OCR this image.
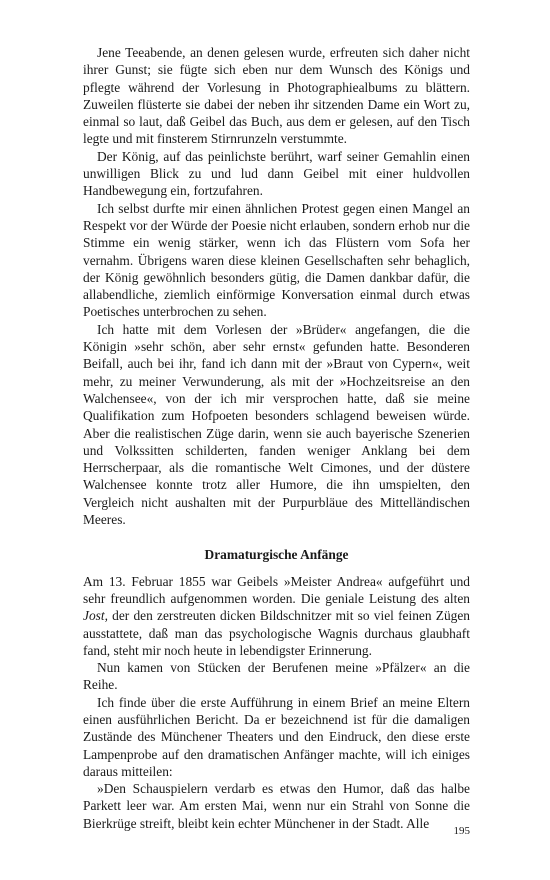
Jene Teeabende, an denen gelesen wurde, erfreuten sich daher nicht ihrer Gunst; sie fügte sich eben nur dem Wunsch des Königs und pflegte während der Vorlesung in Photographiealbums zu blättern. Zuweilen flüsterte sie dabei der neben ihr sitzenden Dame ein Wort zu, einmal so laut, daß Geibel das Buch, aus dem er gelesen, auf den Tisch legte und mit finsterem Stirnrunzeln verstummte.

Der König, auf das peinlichste berührt, warf seiner Gemahlin einen unwilligen Blick zu und lud dann Geibel mit einer huldvollen Handbewegung ein, fortzufahren.

Ich selbst durfte mir einen ähnlichen Protest gegen einen Mangel an Respekt vor der Würde der Poesie nicht erlauben, sondern erhob nur die Stimme ein wenig stärker, wenn ich das Flüstern vom Sofa her vernahm. Übrigens waren diese kleinen Gesellschaften sehr behaglich, der König gewöhnlich besonders gütig, die Damen dankbar dafür, die allabendliche, ziemlich einförmige Konversation einmal durch etwas Poetisches unterbrochen zu sehen.

Ich hatte mit dem Vorlesen der »Brüder« angefangen, die die Königin »sehr schön, aber sehr ernst« gefunden hatte. Besonderen Beifall, auch bei ihr, fand ich dann mit der »Braut von Cypern«, weit mehr, zu meiner Verwunderung, als mit der »Hochzeitsreise an den Walchensee«, von der ich mir versprochen hatte, daß sie meine Qualifikation zum Hofpoeten besonders schlagend beweisen würde. Aber die realistischen Züge darin, wenn sie auch bayerische Szenerien und Volkssitten schilderten, fanden weniger Anklang bei dem Herrscherpaar, als die romantische Welt Cimones, und der düstere Walchensee konnte trotz aller Humore, die ihn umspielten, den Vergleich nicht aushalten mit der Purpurbläue des Mittelländischen Meeres.

Dramaturgische Anfänge

Am 13. Februar 1855 war Geibels »Meister Andrea« aufgeführt und sehr freundlich aufgenommen worden. Die geniale Leistung des alten Jost, der den zerstreuten dicken Bildschnitzer mit so viel feinen Zügen ausstattete, daß man das psychologische Wagnis durchaus glaubhaft fand, steht mir noch heute in lebendigster Erinnerung.

Nun kamen von Stücken der Berufenen meine »Pfälzer« an die Reihe.

Ich finde über die erste Aufführung in einem Brief an meine Eltern einen ausführlichen Bericht. Da er bezeichnend ist für die damaligen Zustände des Münchener Theaters und den Eindruck, den diese erste Lampenprobe auf den dramatischen Anfänger machte, will ich einiges daraus mitteilen:

»Den Schauspielern verdarb es etwas den Humor, daß das halbe Parkett leer war. Am ersten Mai, wenn nur ein Strahl von Sonne die Bierkrüge streift, bleibt kein echter Münchener in der Stadt. Alle

195
